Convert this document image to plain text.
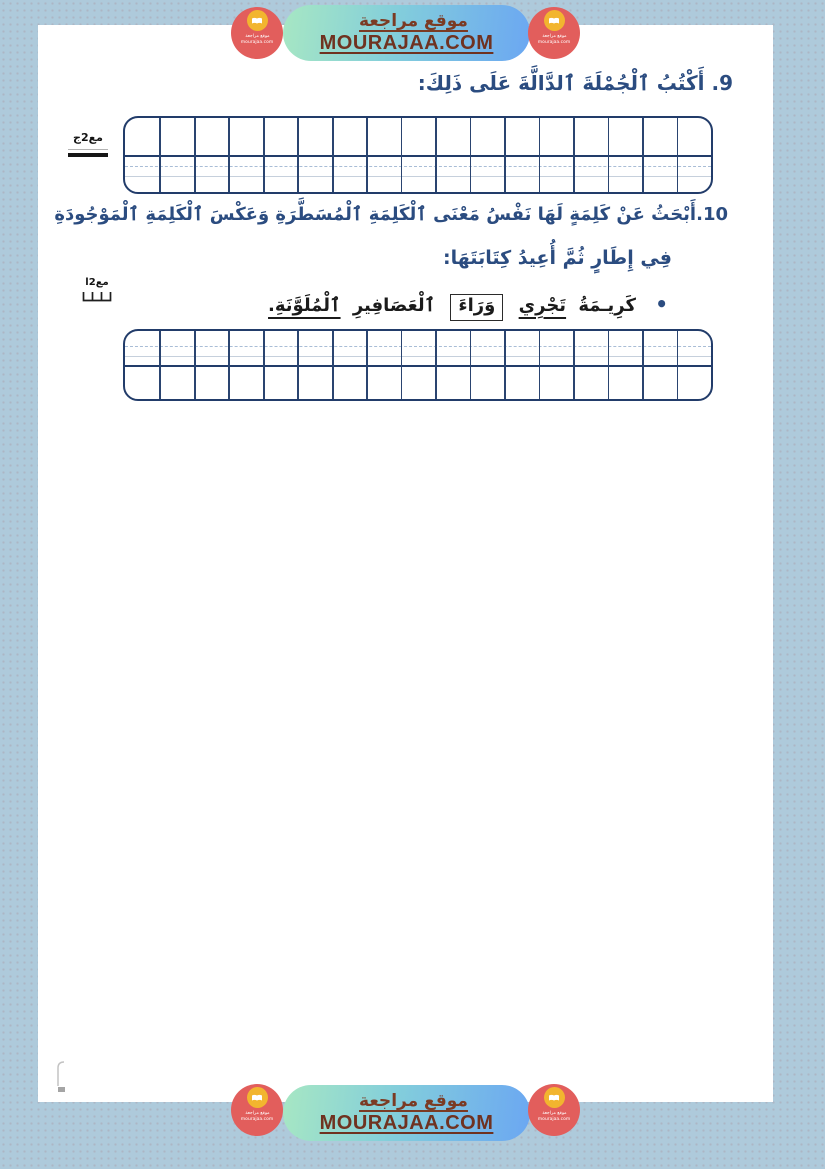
موقع مراجعة
MOURAJAA.COM
موقع مراجعة
mourajaa.com
موقع مراجعة
mourajaa.com
9. أَكْتُبُ ٱلْجُمْلَةَ ٱلدَّالَّةَ عَلَى ذَلِكَ:
مع2ج
10.أَبْحَثُ عَنْ كَلِمَةٍ لَهَا نَفْسُ مَعْنَى ٱلْكَلِمَةِ ٱلْمُسَطَّرَةِ وَعَكْسَ ٱلْكَلِمَةِ ٱلْمَوْجُودَةِ
فِي إِطَارٍ ثُمَّ أُعِيدُ كِتَابَتَهَا:
• كَرِيـمَةُ تَجْرِي وَرَاءَ ٱلْعَصَافِيرِ ٱلْمُلَوَّنَةِ.
مع2ا
موقع مراجعة
MOURAJAA.COM
موقع مراجعة
mourajaa.com
موقع مراجعة
mourajaa.com
